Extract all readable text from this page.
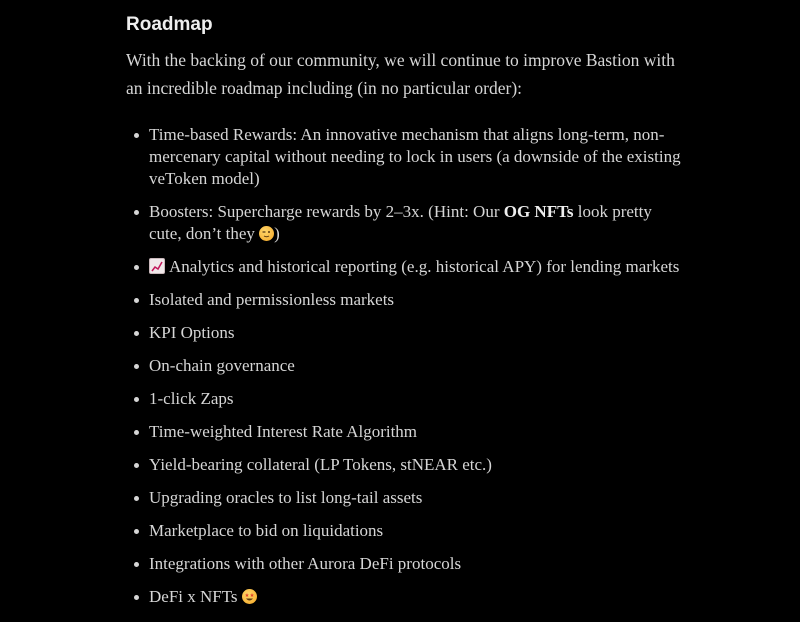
Roadmap

With the backing of our community, we will continue to improve Bastion with an incredible roadmap including (in no particular order):

Time-based Rewards: An innovative mechanism that aligns long-term, non-mercenary capital without needing to lock in users (a downside of the existing veToken model)
Boosters: Supercharge rewards by 2–3x. (Hint: Our OG NFTs look pretty cute, don’t they
)
Analytics and historical reporting (e.g. historical APY) for lending markets
Isolated and permissionless markets
KPI Options
On-chain governance
1-click Zaps
Time-weighted Interest Rate Algorithm
Yield-bearing collateral (LP Tokens, stNEAR etc.)
Upgrading oracles to list long-tail assets
Marketplace to bid on liquidations
Integrations with other Aurora DeFi protocols
DeFi x NFTs
